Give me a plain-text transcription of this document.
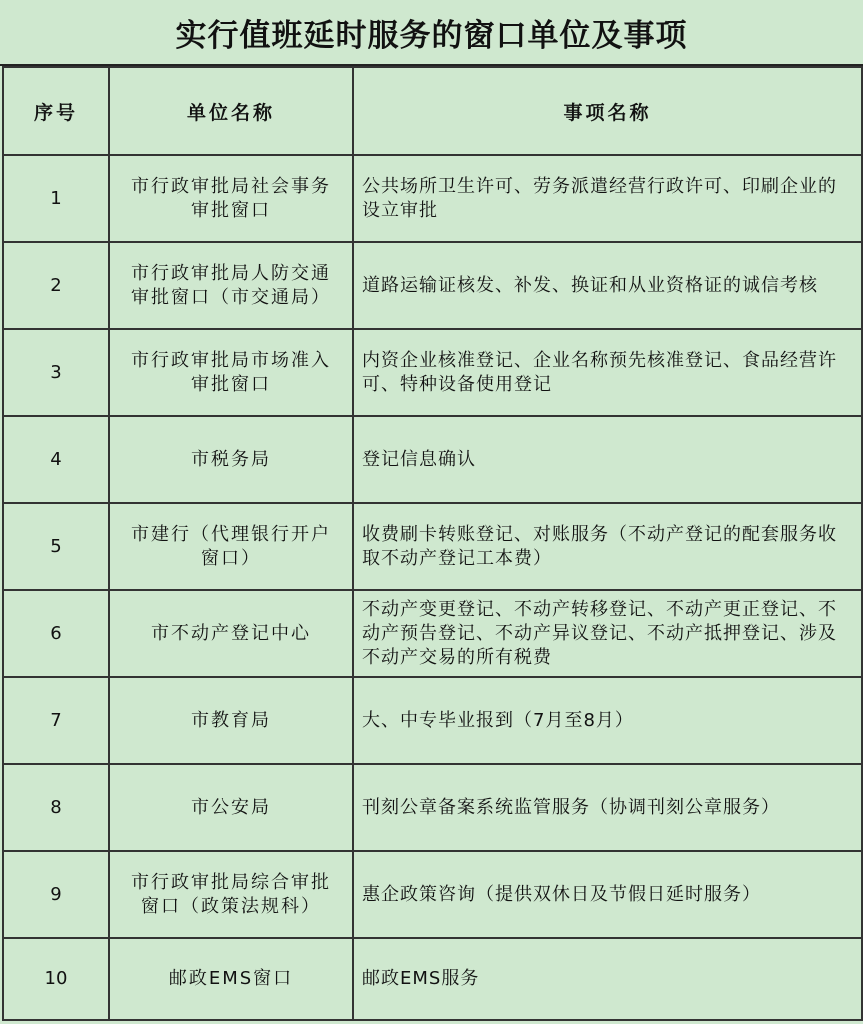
实行值班延时服务的窗口单位及事项
序号	单位名称	事项名称
1	市行政审批局社会事务审批窗口	公共场所卫生许可、劳务派遣经营行政许可、印刷企业的设立审批
2	市行政审批局人防交通审批窗口（市交通局）	道路运输证核发、补发、换证和从业资格证的诚信考核
3	市行政审批局市场准入审批窗口	内资企业核准登记、企业名称预先核准登记、食品经营许可、特种设备使用登记
4	市税务局	登记信息确认
5	市建行（代理银行开户窗口）	收费刷卡转账登记、对账服务（不动产登记的配套服务收取不动产登记工本费）
6	市不动产登记中心	不动产变更登记、不动产转移登记、不动产更正登记、不动产预告登记、不动产异议登记、不动产抵押登记、涉及不动产交易的所有税费
7	市教育局	大、中专毕业报到（7月至8月）
8	市公安局	刊刻公章备案系统监管服务（协调刊刻公章服务）
9	市行政审批局综合审批窗口（政策法规科）	惠企政策咨询（提供双休日及节假日延时服务）
10	邮政EMS窗口	邮政EMS服务
